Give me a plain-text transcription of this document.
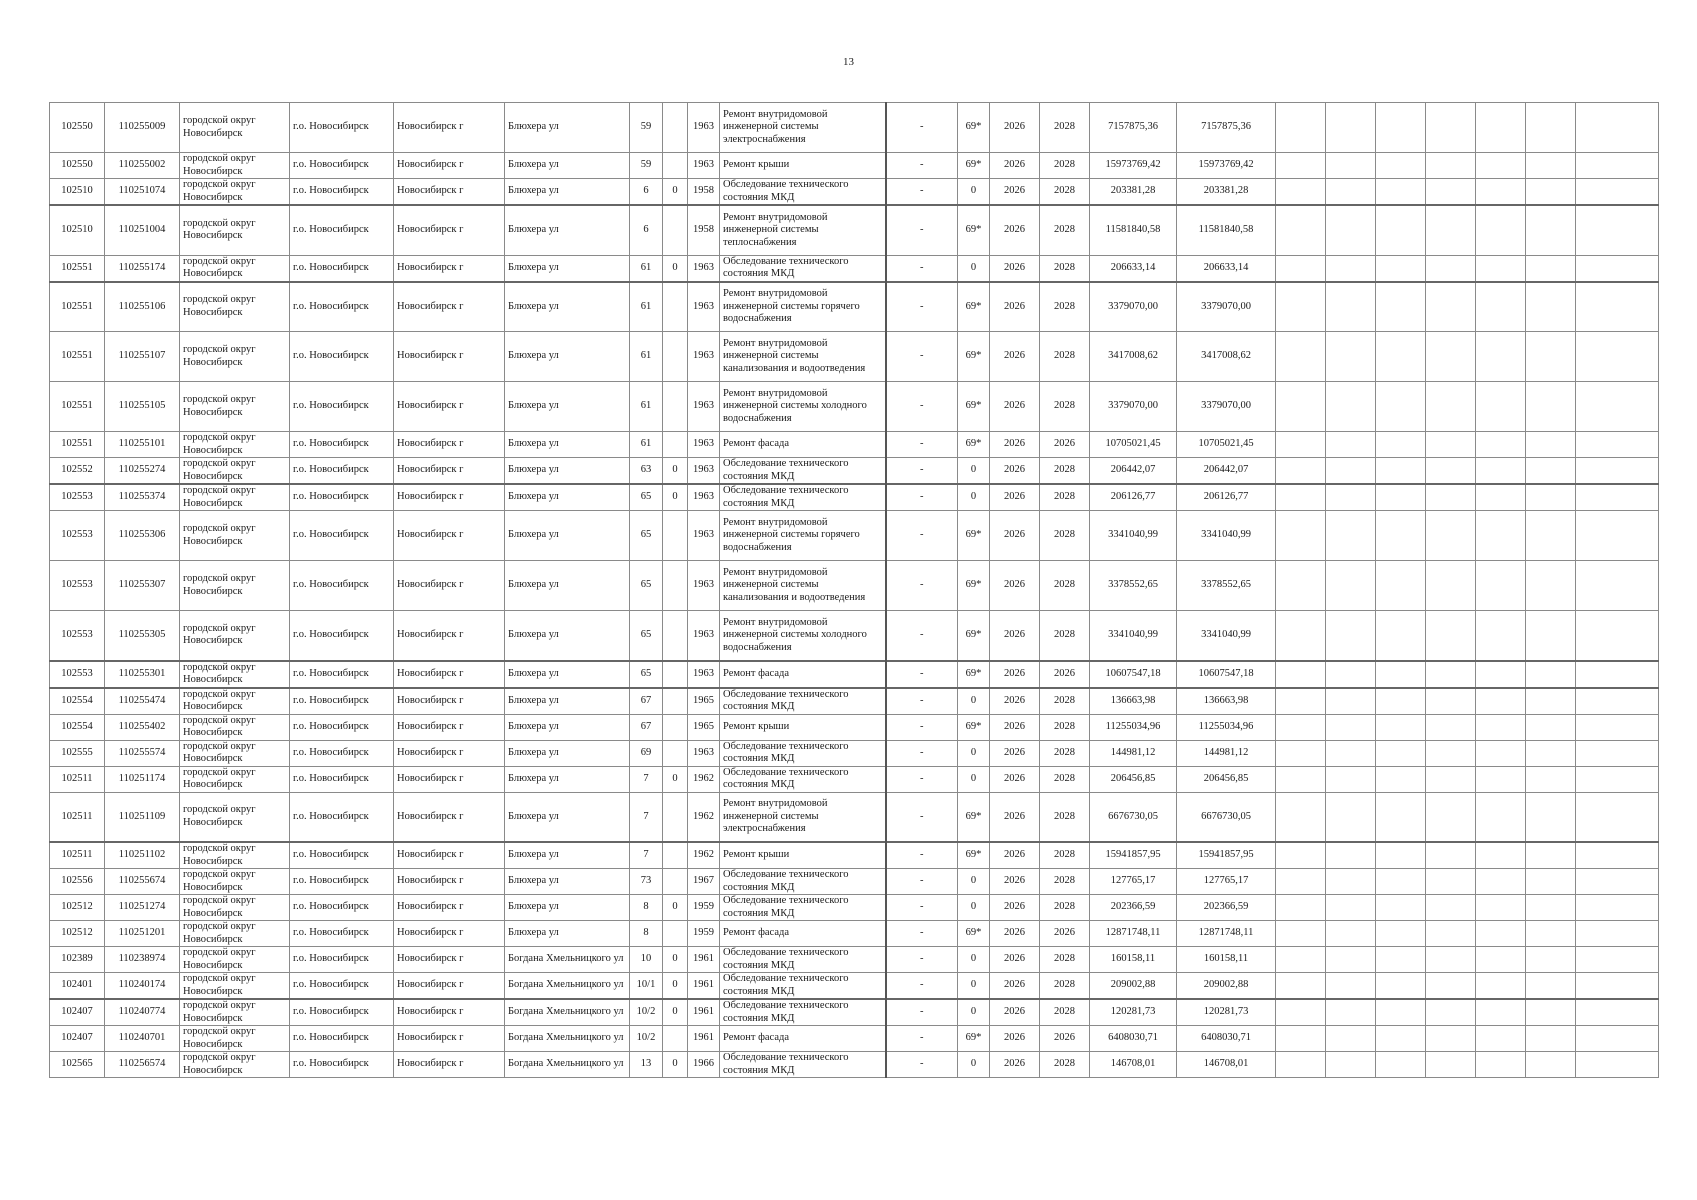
13
102550	110255009	городской округ Новосибирск	г.о. Новосибирск	Новосибирск г	Блюхера ул	59		1963	Ремонт внутридомовой инженерной системы электроснабжения	-	69*	2026	2028	7157875,36	7157875,36							
102550	110255002	городской округ Новосибирск	г.о. Новосибирск	Новосибирск г	Блюхера ул	59		1963	Ремонт крыши	-	69*	2026	2028	15973769,42	15973769,42							
102510	110251074	городской округ Новосибирск	г.о. Новосибирск	Новосибирск г	Блюхера ул	6	0	1958	Обследование технического состояния МКД	-	0	2026	2028	203381,28	203381,28							
102510	110251004	городской округ Новосибирск	г.о. Новосибирск	Новосибирск г	Блюхера ул	6		1958	Ремонт внутридомовой инженерной системы теплоснабжения	-	69*	2026	2028	11581840,58	11581840,58							
102551	110255174	городской округ Новосибирск	г.о. Новосибирск	Новосибирск г	Блюхера ул	61	0	1963	Обследование технического состояния МКД	-	0	2026	2028	206633,14	206633,14							
102551	110255106	городской округ Новосибирск	г.о. Новосибирск	Новосибирск г	Блюхера ул	61		1963	Ремонт внутридомовой инженерной системы горячего водоснабжения	-	69*	2026	2028	3379070,00	3379070,00							
102551	110255107	городской округ Новосибирск	г.о. Новосибирск	Новосибирск г	Блюхера ул	61		1963	Ремонт внутридомовой инженерной системы канализования и водоотведения	-	69*	2026	2028	3417008,62	3417008,62							
102551	110255105	городской округ Новосибирск	г.о. Новосибирск	Новосибирск г	Блюхера ул	61		1963	Ремонт внутридомовой инженерной системы холодного водоснабжения	-	69*	2026	2028	3379070,00	3379070,00							
102551	110255101	городской округ Новосибирск	г.о. Новосибирск	Новосибирск г	Блюхера ул	61		1963	Ремонт фасада	-	69*	2026	2026	10705021,45	10705021,45							
102552	110255274	городской округ Новосибирск	г.о. Новосибирск	Новосибирск г	Блюхера ул	63	0	1963	Обследование технического состояния МКД	-	0	2026	2028	206442,07	206442,07							
102553	110255374	городской округ Новосибирск	г.о. Новосибирск	Новосибирск г	Блюхера ул	65	0	1963	Обследование технического состояния МКД	-	0	2026	2028	206126,77	206126,77							
102553	110255306	городской округ Новосибирск	г.о. Новосибирск	Новосибирск г	Блюхера ул	65		1963	Ремонт внутридомовой инженерной системы горячего водоснабжения	-	69*	2026	2028	3341040,99	3341040,99							
102553	110255307	городской округ Новосибирск	г.о. Новосибирск	Новосибирск г	Блюхера ул	65		1963	Ремонт внутридомовой инженерной системы канализования и водоотведения	-	69*	2026	2028	3378552,65	3378552,65							
102553	110255305	городской округ Новосибирск	г.о. Новосибирск	Новосибирск г	Блюхера ул	65		1963	Ремонт внутридомовой инженерной системы холодного водоснабжения	-	69*	2026	2028	3341040,99	3341040,99							
102553	110255301	городской округ Новосибирск	г.о. Новосибирск	Новосибирск г	Блюхера ул	65		1963	Ремонт фасада	-	69*	2026	2026	10607547,18	10607547,18							
102554	110255474	городской округ Новосибирск	г.о. Новосибирск	Новосибирск г	Блюхера ул	67		1965	Обследование технического состояния МКД	-	0	2026	2028	136663,98	136663,98							
102554	110255402	городской округ Новосибирск	г.о. Новосибирск	Новосибирск г	Блюхера ул	67		1965	Ремонт крыши	-	69*	2026	2028	11255034,96	11255034,96							
102555	110255574	городской округ Новосибирск	г.о. Новосибирск	Новосибирск г	Блюхера ул	69		1963	Обследование технического состояния МКД	-	0	2026	2028	144981,12	144981,12							
102511	110251174	городской округ Новосибирск	г.о. Новосибирск	Новосибирск г	Блюхера ул	7	0	1962	Обследование технического состояния МКД	-	0	2026	2028	206456,85	206456,85							
102511	110251109	городской округ Новосибирск	г.о. Новосибирск	Новосибирск г	Блюхера ул	7		1962	Ремонт внутридомовой инженерной системы электроснабжения	-	69*	2026	2028	6676730,05	6676730,05							
102511	110251102	городской округ Новосибирск	г.о. Новосибирск	Новосибирск г	Блюхера ул	7		1962	Ремонт крыши	-	69*	2026	2028	15941857,95	15941857,95							
102556	110255674	городской округ Новосибирск	г.о. Новосибирск	Новосибирск г	Блюхера ул	73		1967	Обследование технического состояния МКД	-	0	2026	2028	127765,17	127765,17							
102512	110251274	городской округ Новосибирск	г.о. Новосибирск	Новосибирск г	Блюхера ул	8	0	1959	Обследование технического состояния МКД	-	0	2026	2028	202366,59	202366,59							
102512	110251201	городской округ Новосибирск	г.о. Новосибирск	Новосибирск г	Блюхера ул	8		1959	Ремонт фасада	-	69*	2026	2026	12871748,11	12871748,11							
102389	110238974	городской округ Новосибирск	г.о. Новосибирск	Новосибирск г	Богдана Хмельницкого ул	10	0	1961	Обследование технического состояния МКД	-	0	2026	2028	160158,11	160158,11							
102401	110240174	городской округ Новосибирск	г.о. Новосибирск	Новосибирск г	Богдана Хмельницкого ул	10/1	0	1961	Обследование технического состояния МКД	-	0	2026	2028	209002,88	209002,88							
102407	110240774	городской округ Новосибирск	г.о. Новосибирск	Новосибирск г	Богдана Хмельницкого ул	10/2	0	1961	Обследование технического состояния МКД	-	0	2026	2028	120281,73	120281,73							
102407	110240701	городской округ Новосибирск	г.о. Новосибирск	Новосибирск г	Богдана Хмельницкого ул	10/2		1961	Ремонт фасада	-	69*	2026	2026	6408030,71	6408030,71							
102565	110256574	городской округ Новосибирск	г.о. Новосибирск	Новосибирск г	Богдана Хмельницкого ул	13	0	1966	Обследование технического состояния МКД	-	0	2026	2028	146708,01	146708,01							
